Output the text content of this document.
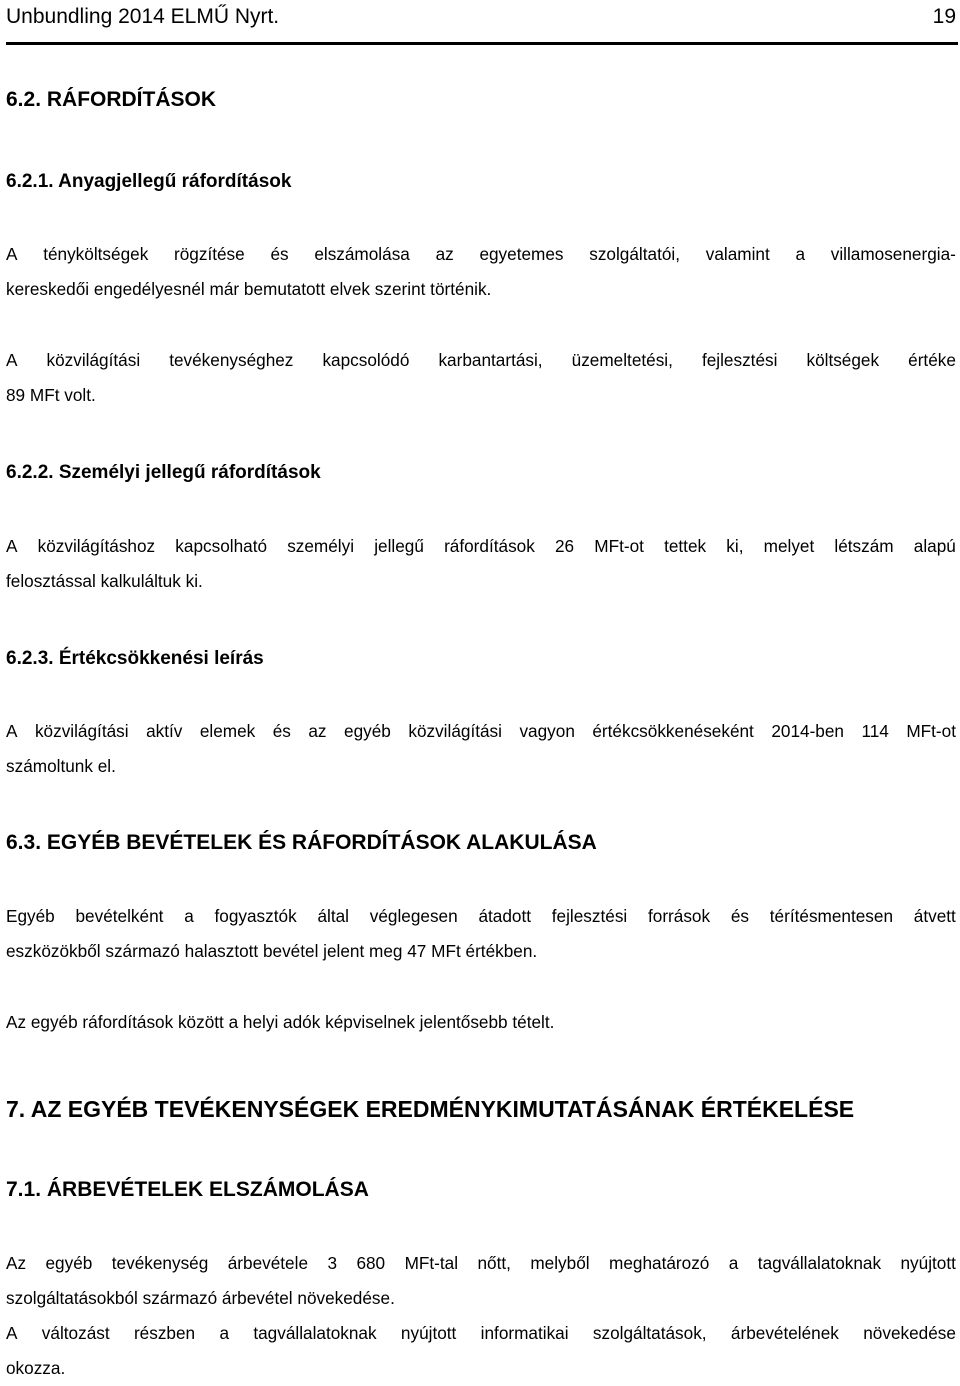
Unbundling 2014 ELMŰ Nyrt.	19
6.2. RÁFORDÍTÁSOK
6.2.1. Anyagjellegű ráfordítások
A tényköltségek rögzítése és elszámolása az egyetemes szolgáltatói, valamint a villamosenergia-
kereskedői engedélyesnél már bemutatott elvek szerint történik.
A közvilágítási tevékenységhez kapcsolódó karbantartási, üzemeltetési, fejlesztési költségek értéke
89 MFt volt.
6.2.2. Személyi jellegű ráfordítások
A közvilágításhoz kapcsolható személyi jellegű ráfordítások 26 MFt-ot tettek ki, melyet létszám alapú
felosztással kalkuláltuk ki.
6.2.3. Értékcsökkenési leírás
A közvilágítási aktív elemek és az egyéb közvilágítási vagyon értékcsökkenéseként 2014-ben 114 MFt-ot
számoltunk el.
6.3. EGYÉB BEVÉTELEK ÉS RÁFORDÍTÁSOK ALAKULÁSA
Egyéb bevételként a fogyasztók által véglegesen átadott fejlesztési források és térítésmentesen átvett
eszközökből származó halasztott bevétel jelent meg 47 MFt értékben.
Az egyéb ráfordítások között a helyi adók képviselnek jelentősebb tételt.
7. AZ EGYÉB TEVÉKENYSÉGEK EREDMÉNYKIMUTATÁSÁNAK ÉRTÉKELÉSE
7.1. ÁRBEVÉTELEK ELSZÁMOLÁSA
Az egyéb tevékenység árbevétele 3 680 MFt-tal nőtt, melyből meghatározó a tagvállalatoknak nyújtott
szolgáltatásokból származó árbevétel növekedése.
A változást részben a tagvállalatoknak nyújtott informatikai szolgáltatások, árbevételének növekedése
okozza.
